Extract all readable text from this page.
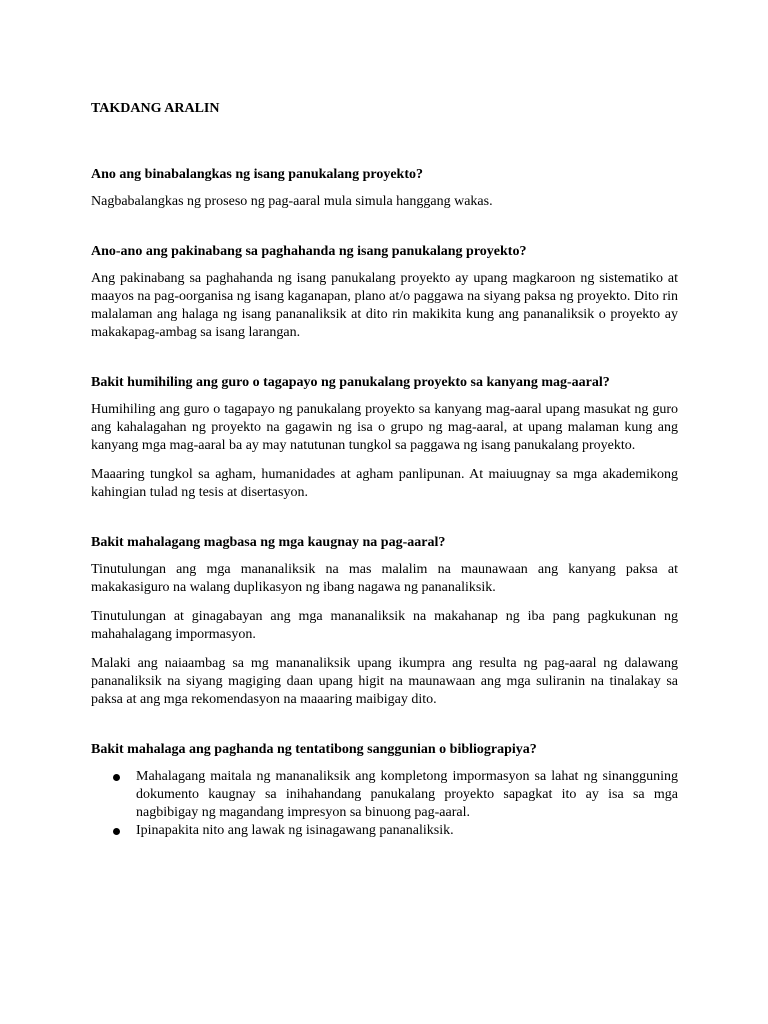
TAKDANG ARALIN
Ano ang binabalangkas ng isang panukalang proyekto?

Nagbabalangkas ng proseso ng pag-aaral mula simula hanggang wakas.

Ano-ano ang pakinabang sa paghahanda ng isang panukalang proyekto?

Ang pakinabang sa paghahanda ng isang panukalang proyekto ay upang magkaroon ng sistematiko at maayos na pag-oorganisa ng isang kaganapan, plano at/o paggawa na siyang paksa ng proyekto. Dito rin malalaman ang halaga ng isang pananaliksik at dito rin makikita kung ang pananaliksik o proyekto ay makakapag-ambag sa isang larangan.

Bakit humihiling ang guro o tagapayo ng panukalang proyekto sa kanyang mag-aaral?

Humihiling ang guro o tagapayo ng panukalang proyekto sa kanyang mag-aaral upang masukat ng guro ang kahalagahan ng proyekto na gagawin ng isa o grupo ng mag-aaral, at upang malaman kung ang kanyang mga mag-aaral ba ay may natutunan tungkol sa paggawa ng isang panukalang proyekto.

Maaaring tungkol sa agham, humanidades at agham panlipunan. At maiuugnay sa mga akademikong kahingian tulad ng tesis at disertasyon.

Bakit mahalagang magbasa ng mga kaugnay na pag-aaral?

Tinutulungan ang mga mananaliksik na mas malalim na maunawaan ang kanyang paksa at makakasiguro na walang duplikasyon ng ibang nagawa ng pananaliksik.

Tinutulungan at ginagabayan ang mga mananaliksik na makahanap ng iba pang pagkukunan ng mahahalagang impormasyon.

Malaki ang naiaambag sa mg mananaliksik upang ikumpra ang resulta ng pag-aaral ng dalawang pananaliksik na siyang magiging daan upang higit na maunawaan ang mga suliranin na tinalakay sa paksa at ang mga rekomendasyon na maaaring maibigay dito.

Bakit mahalaga ang paghanda ng tentatibong sanggunian o bibliograpiya?
Mahalagang maitala ng mananaliksik ang kompletong impormasyon sa lahat ng sinangguning dokumento kaugnay sa inihahandang panukalang proyekto sapagkat ito ay isa sa mga nagbibigay ng magandang impresyon sa binuong pag-aaral.
Ipinapakita nito ang lawak ng isinagawang pananaliksik.
